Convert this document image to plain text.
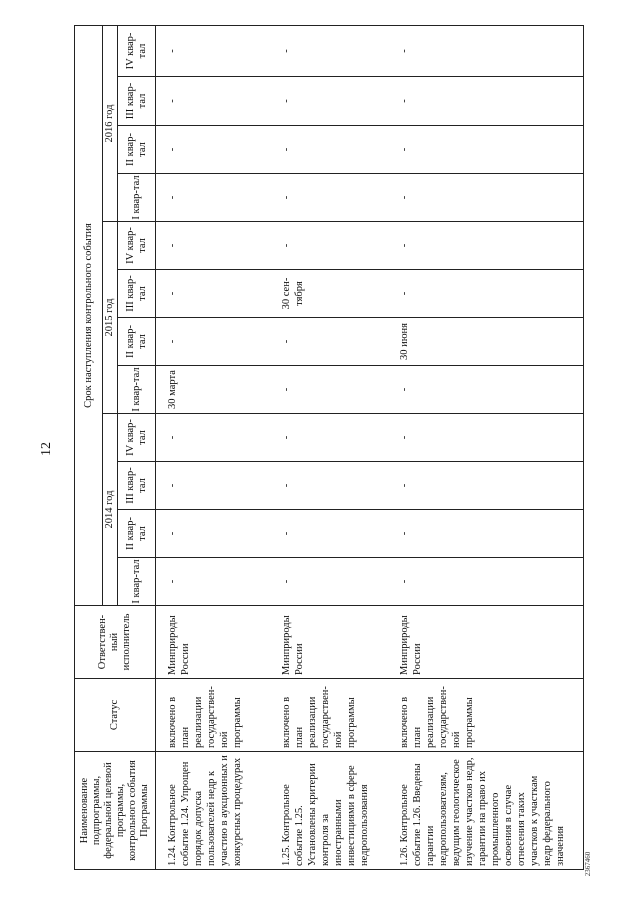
12
2367460
Наименование подпрограммы, федеральной целевой программы, контрольного события Программы	Статус	Ответствен-ный исполнитель	Срок наступления контрольного события											
			2014 год				2015 год				2016 год			
			I квар-тал	II квар-тал	III квар-тал	IV квар-тал	I квар-тал	II квар-тал	III квар-тал	IV квар-тал	I квар-тал	II квар-тал	III квар-тал	IV квар-тал
1.24. Контрольное событие 1.24. Упрощен порядок допуска пользователей недр к участию в аукционных и конкурсных процедурах	включено в план реализации государствен-ной программы	Минприроды России	-	-	-	-	30 марта	-	-	-	-	-	-	-
1.25. Контрольное событие 1.25. Установлены критерии контроля за иностранными инвестициями в сфере недропользования	включено в план реализации государствен-ной программы	Минприроды России	-	-	-	-	-	-	30 сен-тября	-	-	-	-	-
1.26. Контрольное событие 1.26. Введены гарантии недропользователям, ведущим геологическое изучение участков недр, гарантии на право их промышленного освоения в случае отнесения таких участков к участкам недр федерального значения	включено в план реализации государствен-ной программы	Минприроды России	-	-	-	-	-	30 июня	-	-	-	-	-	-
